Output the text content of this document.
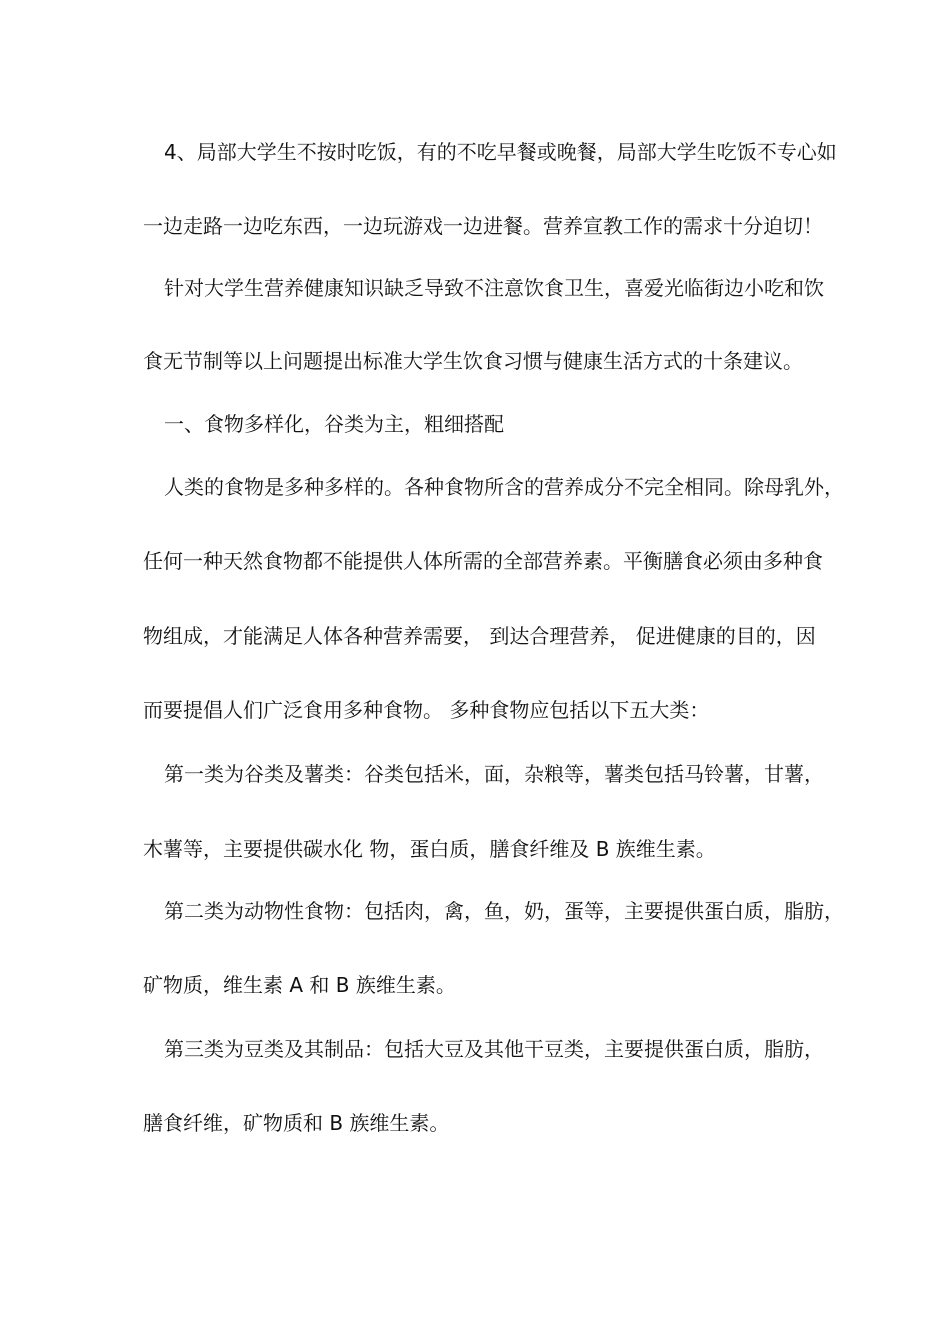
4、局部大学生不按时吃饭，有的不吃早餐或晚餐，局部大学生吃饭不专心如
一边走路一边吃东西，一边玩游戏一边进餐。营养宣教工作的需求十分迫切！
针对大学生营养健康知识缺乏导致不注意饮食卫生，喜爱光临街边小吃和饮
食无节制等以上问题提出标准大学生饮食习惯与健康生活方式的十条建议。
一、食物多样化，谷类为主，粗细搭配
人类的食物是多种多样的。各种食物所含的营养成分不完全相同。除母乳外，
任何一种天然食物都不能提供人体所需的全部营养素。平衡膳食必须由多种食
物组成，才能满足人体各种营养需要， 到达合理营养， 促进健康的目的，因
而要提倡人们广泛食用多种食物。 多种食物应包括以下五大类：
第一类为谷类及薯类：谷类包括米，面，杂粮等，薯类包括马铃薯，甘薯，
木薯等，主要提供碳水化 物，蛋白质，膳食纤维及 B 族维生素。
第二类为动物性食物：包括肉，禽，鱼，奶，蛋等，主要提供蛋白质，脂肪，
矿物质，维生素 A 和 B 族维生素。
第三类为豆类及其制品：包括大豆及其他干豆类，主要提供蛋白质，脂肪，
膳食纤维，矿物质和 B 族维生素。
